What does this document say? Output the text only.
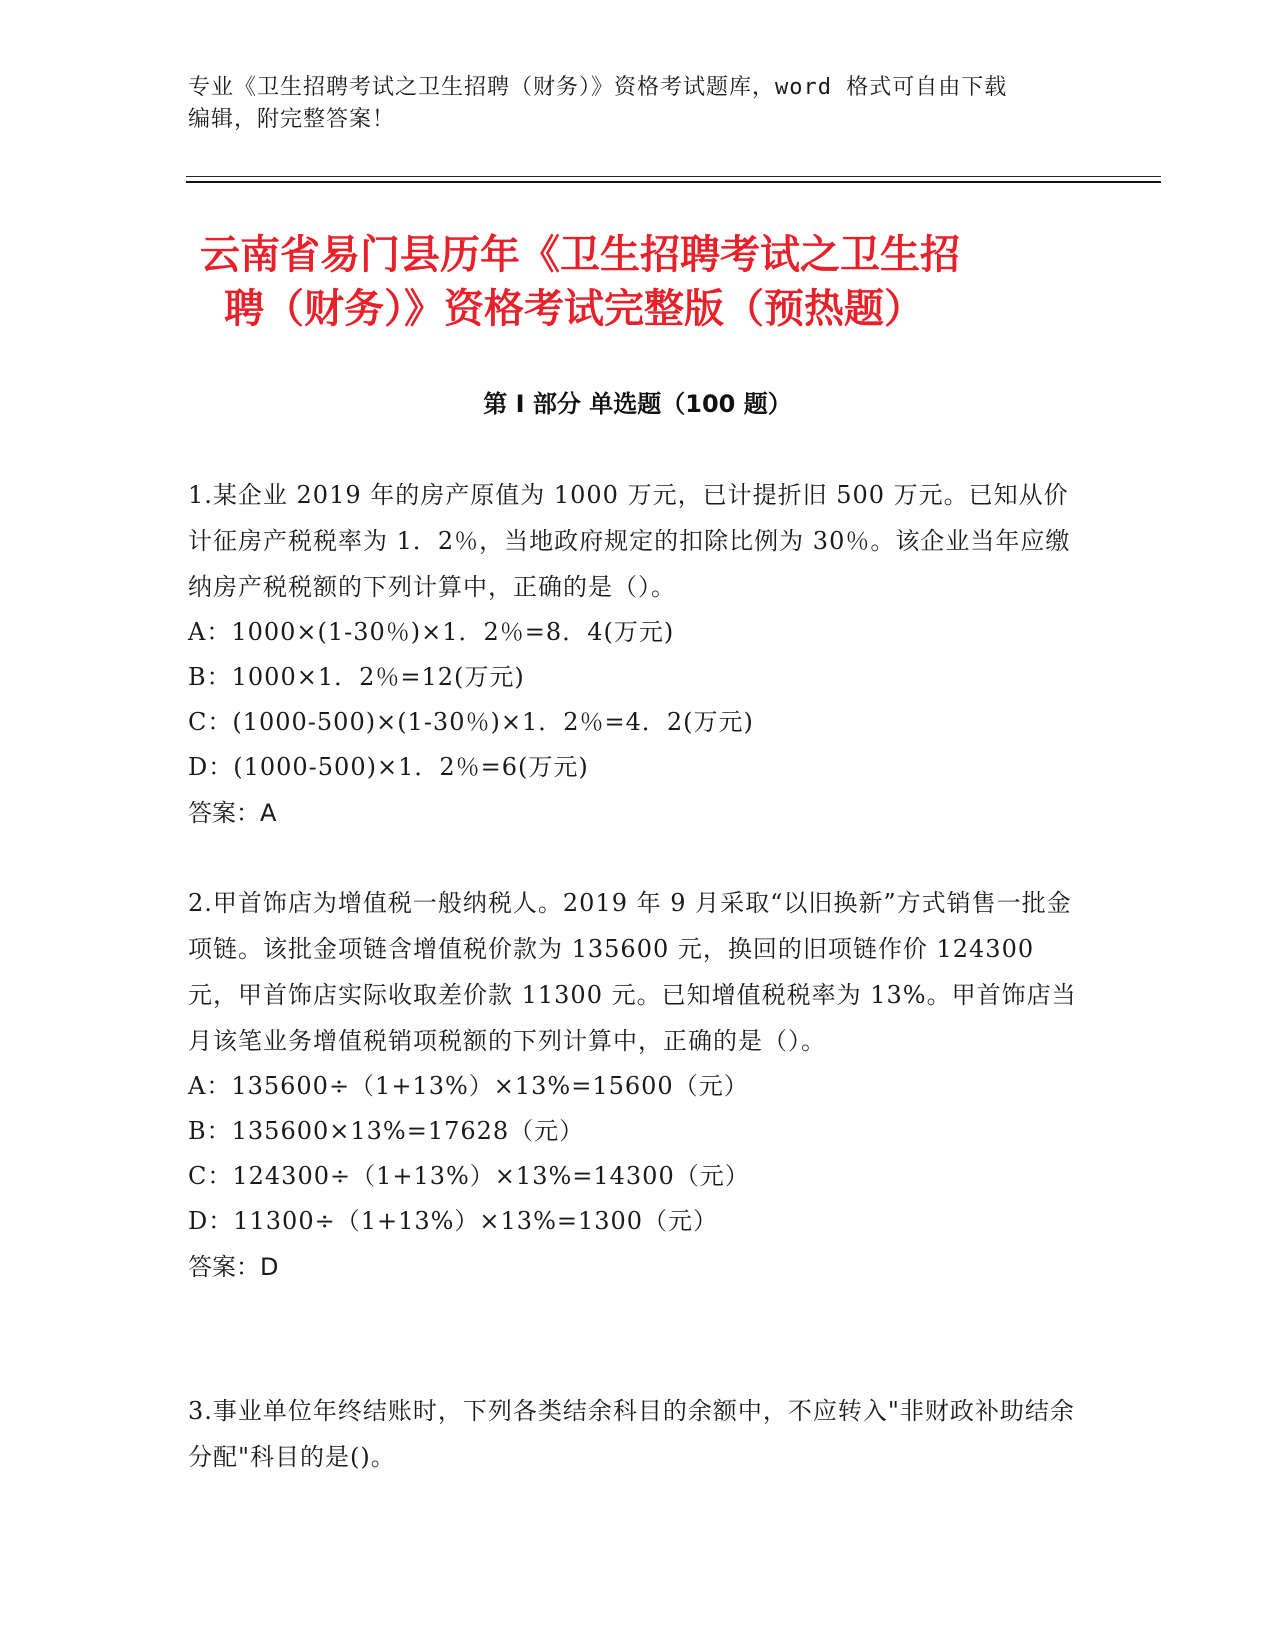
专业《卫生招聘考试之卫生招聘（财务）》资格考试题库，word 格式可自由下载
编辑，附完整答案！
云南省易门县历年《卫生招聘考试之卫生招
聘（财务）》资格考试完整版（预热题）
第 I 部分 单选题（100 题）

1.某企业 2019 年的房产原值为 1000 万元，已计提折旧 500 万元。已知从价计征房产税税率为 1．2％，当地政府规定的扣除比例为 30％。该企业当年应缴纳房产税税额的下列计算中，正确的是（）。

A：1000×(1-30％)×1．2％=8．4(万元)

B：1000×1．2％=12(万元)

C：(1000-500)×(1-30％)×1．2％=4．2(万元)

D：(1000-500)×1．2％=6(万元)

答案：A

2.甲首饰店为增值税一般纳税人。2019 年 9 月采取“以旧换新”方式销售一批金项链。该批金项链含增值税价款为 135600 元，换回的旧项链作价 124300 元，甲首饰店实际收取差价款 11300 元。已知增值税税率为 13%。甲首饰店当月该笔业务增值税销项税额的下列计算中，正确的是（）。

A：135600÷（1+13%）×13%=15600（元）

B：135600×13%=17628（元）

C：124300÷（1+13%）×13%=14300（元）

D：11300÷（1+13%）×13%=1300（元）

答案：D

3.事业单位年终结账时，下列各类结余科目的余额中，不应转入"非财政补助结余分配"科目的是()。
